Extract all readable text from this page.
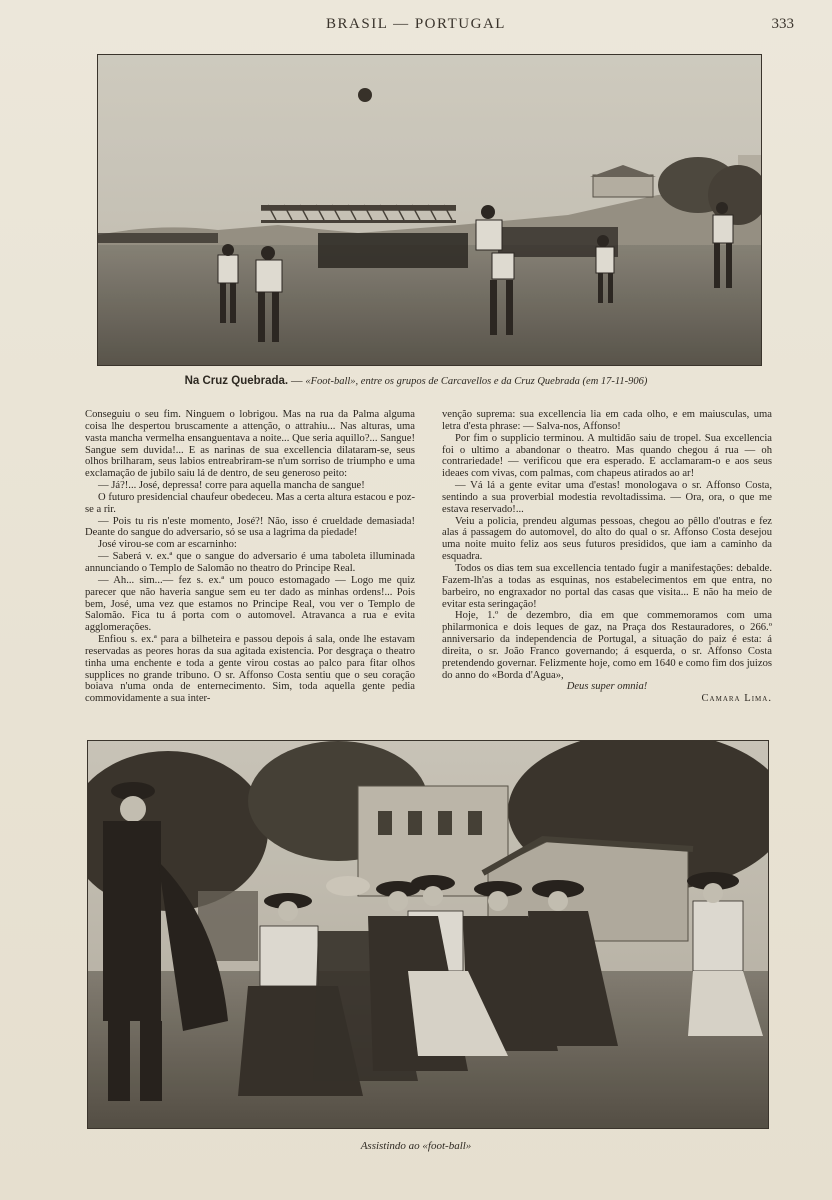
BRASIL — PORTUGAL	333
Na Cruz Quebrada. — «Foot-ball», entre os grupos de Carcavellos e da Cruz Quebrada (em 17-11-906)

Conseguiu o seu fim. Ninguem o lobrigou. Mas na rua da Palma alguma coisa lhe despertou bruscamente a attenção, o attrahiu... Nas alturas, uma vasta mancha vermelha ensanguentava a noite... Que seria aquillo?... Sangue! Sangue sem duvida!... E as narinas de sua excellencia dilataram-se, seus olhos brilharam, seus labios entreabriram-se n'um sorriso de triumpho e uma exclamação de jubilo saiu lá de dentro, de seu generoso peito:

— Já?!... José, depressa! corre para aquella mancha de sangue!

O futuro presidencial chaufeur obedeceu. Mas a certa altura estacou e poz-se a rir.

— Pois tu ris n'este momento, José?! Não, isso é crueldade demasiada! Deante do sangue do adversario, só se usa a lagrima da piedade!

José virou-se com ar escarninho:

— Saberá v. ex.ª que o sangue do adversario é uma taboleta illuminada annunciando o Templo de Salomão no theatro do Principe Real.

— Ah... sim...— fez s. ex.ª um pouco estomagado — Logo me quiz parecer que não haveria sangue sem eu ter dado as minhas ordens!... Pois bem, José, uma vez que estamos no Principe Real, vou ver o Templo de Salomão. Fica tu á porta com o automovel. Atravanca a rua e evita agglomerações.

Enfiou s. ex.ª para a bilheteira e passou depois á sala, onde lhe estavam reservadas as peores horas da sua agitada existencia. Por desgraça o theatro tinha uma enchente e toda a gente virou costas ao palco para fitar olhos supplices no grande tribuno. O sr. Affonso Costa sentiu que o seu coração boiava n'uma onda de enternecimento. Sim, toda aquella gente pedia commovidamente a sua inter-

venção suprema: sua excellencia lia em cada olho, e em maiusculas, uma letra d'esta phrase: — Salva-nos, Affonso!

Por fim o supplicio terminou. A multidão saiu de tropel. Sua excellencia foi o ultimo a abandonar o theatro. Mas quando chegou á rua — oh contrariedade! — verificou que era esperado. E acclamaram-o e aos seus ideaes com vivas, com palmas, com chapeus atirados ao ar!

— Vá lá a gente evitar uma d'estas! monologava o sr. Affonso Costa, sentindo a sua proverbial modestia revoltadissima. — Ora, ora, o que me estava reservado!...

Veiu a policia, prendeu algumas pessoas, chegou ao pêllo d'outras e fez alas á passagem do automovel, do alto do qual o sr. Affonso Costa desejou uma noite muito feliz aos seus futuros presididos, que iam a caminho da esquadra.

Todos os dias tem sua excellencia tentado fugir a manifestações: debalde. Fazem-lh'as a todas as esquinas, nos estabelecimentos em que entra, no barbeiro, no engraxador no portal das casas que visita... E não ha meio de evitar esta seringação!

Hoje, 1.º de dezembro, dia em que commemoramos com uma philarmonica e dois leques de gaz, na Praça dos Restauradores, o 266.º anniversario da independencia de Portugal, a situação do paiz é esta: á direita, o sr. João Franco governando; á esquerda, o sr. Affonso Costa pretendendo governar. Felizmente hoje, como em 1640 e como fim dos juizos do anno do «Borda d'Agua»,

Deus super omnia!

Camara Lima.

Assistindo ao «foot-ball»
